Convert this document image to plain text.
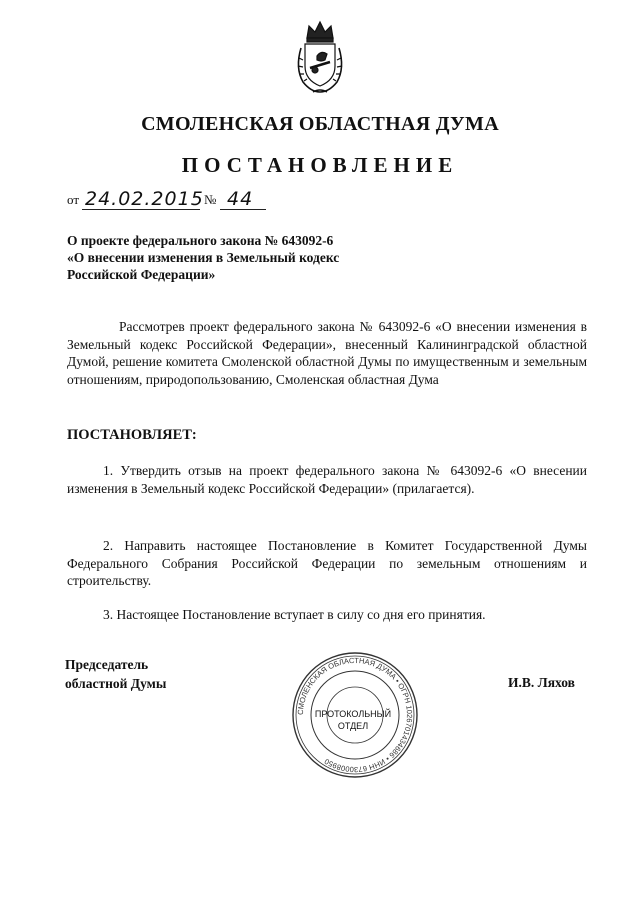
СМОЛЕНСКАЯ ОБЛАСТНАЯ ДУМА
ПОСТАНОВЛЕНИЕ
от 24.02.2015 № 44
О проекте федерального закона № 643092-6
«О внесении изменения в Земельный кодекс
Российской Федерации»
Рассмотрев проект федерального закона № 643092-6 «О внесении изменения в Земельный кодекс Российской Федерации», внесенный Калининградской областной Думой, решение комитета Смоленской областной Думы по имущественным и земельным отношениям, природопользованию, Смоленская областная Дума
ПОСТАНОВЛЯЕТ:
1. Утвердить отзыв на проект федерального закона № 643092-6 «О внесении изменения в Земельный кодекс Российской Федерации» (прилагается).
2. Направить настоящее Постановление в Комитет Государственной Думы Федерального Собрания Российской Федерации по земельным отношениям и строительству.
3. Настоящее Постановление вступает в силу со дня его принятия.
Председатель
областной Думы	И.В. Ляхов
СМОЛЕНСКАЯ ОБЛАСТНАЯ ДУМА • ОГРН 1026701434686 • ИНН 6730008950
ПРОТОКОЛЬНЫЙ
ОТДЕЛ
